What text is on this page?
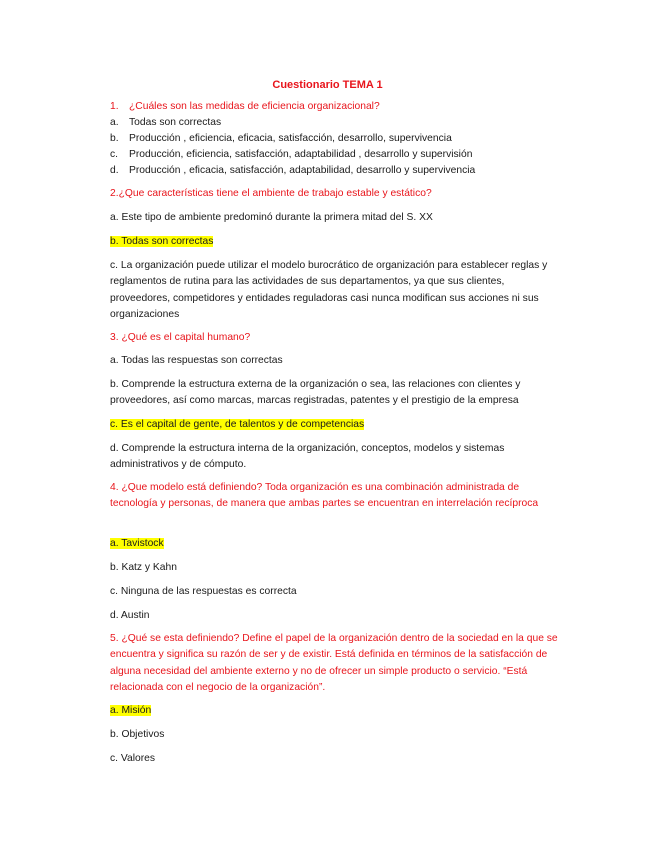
Cuestionario TEMA 1
1. ¿Cuáles son las medidas de eficiencia organizacional?
a. Todas son correctas
b. Producción , eficiencia, eficacia, satisfacción, desarrollo, supervivencia
c. Producción, eficiencia, satisfacción, adaptabilidad , desarrollo y supervisión
d. Producción , eficacia, satisfacción, adaptabilidad, desarrollo y supervivencia
2.¿Que características tiene el ambiente de trabajo estable y estático?
a. Este tipo de ambiente predominó durante la primera mitad del S. XX
b. Todas son correctas
c. La organización puede utilizar el modelo burocrático de organización para establecer reglas y reglamentos de rutina para las actividades de sus departamentos, ya que sus clientes, proveedores, competidores y entidades reguladoras casi nunca modifican sus acciones ni sus organizaciones
3. ¿Qué es el capital humano?
a. Todas las respuestas son correctas
b. Comprende la estructura externa de la organización o sea, las relaciones con clientes y proveedores, así como marcas, marcas registradas, patentes y el prestigio de la empresa
c. Es el capital de gente, de talentos y de competencias
d. Comprende la estructura interna de la organización, conceptos, modelos y sistemas administrativos y de cómputo.
4. ¿Que modelo está definiendo? Toda organización es una combinación administrada de tecnología y personas, de manera que ambas partes se encuentran en interrelación recíproca
a. Tavistock
b. Katz y Kahn
c. Ninguna de las respuestas es correcta
d. Austin
5. ¿Qué se esta definiendo? Define el papel de la organización dentro de la sociedad en la que se encuentra y significa su razón de ser y de existir. Está definida en términos de la satisfacción de alguna necesidad del ambiente externo y no de ofrecer un simple producto o servicio. “Está relacionada con el negocio de la organización”.
a. Misión
b. Objetivos
c. Valores
